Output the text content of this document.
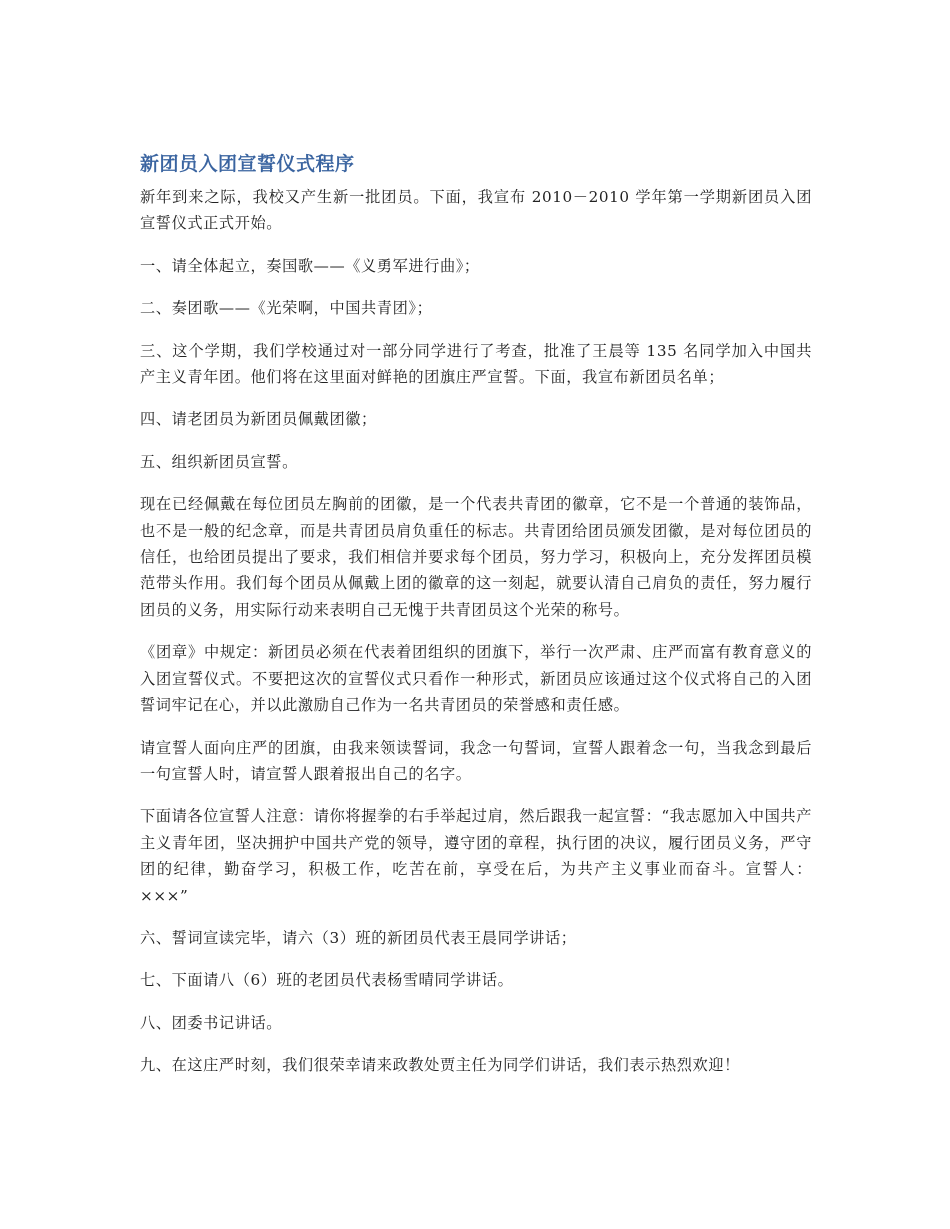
新团员入团宣誓仪式程序

新年到来之际，我校又产生新一批团员。下面，我宣布 2010－2010 学年第一学期新团员入团宣誓仪式正式开始。

一、请全体起立，奏国歌——《义勇军进行曲》；

二、奏团歌——《光荣啊，中国共青团》；

三、这个学期，我们学校通过对一部分同学进行了考查，批准了王晨等 135 名同学加入中国共产主义青年团。他们将在这里面对鲜艳的团旗庄严宣誓。下面，我宣布新团员名单；

四、请老团员为新团员佩戴团徽；

五、组织新团员宣誓。

现在已经佩戴在每位团员左胸前的团徽，是一个代表共青团的徽章，它不是一个普通的装饰品，也不是一般的纪念章，而是共青团员肩负重任的标志。共青团给团员颁发团徽，是对每位团员的信任，也给团员提出了要求，我们相信并要求每个团员，努力学习，积极向上，充分发挥团员模范带头作用。我们每个团员从佩戴上团的徽章的这一刻起，就要认清自己肩负的责任，努力履行团员的义务，用实际行动来表明自己无愧于共青团员这个光荣的称号。

《团章》中规定：新团员必须在代表着团组织的团旗下，举行一次严肃、庄严而富有教育意义的入团宣誓仪式。不要把这次的宣誓仪式只看作一种形式，新团员应该通过这个仪式将自己的入团誓词牢记在心，并以此激励自己作为一名共青团员的荣誉感和责任感。

请宣誓人面向庄严的团旗，由我来领读誓词，我念一句誓词，宣誓人跟着念一句，当我念到最后一句宣誓人时，请宣誓人跟着报出自己的名字。

下面请各位宣誓人注意：请你将握拳的右手举起过肩，然后跟我一起宣誓：“我志愿加入中国共产主义青年团，坚决拥护中国共产党的领导，遵守团的章程，执行团的决议，履行团员义务，严守团的纪律，勤奋学习，积极工作，吃苦在前，享受在后，为共产主义事业而奋斗。宣誓人：×××”

六、誓词宣读完毕，请六（3）班的新团员代表王晨同学讲话；

七、下面请八（6）班的老团员代表杨雪晴同学讲话。

八、团委书记讲话。

九、在这庄严时刻，我们很荣幸请来政教处贾主任为同学们讲话，我们表示热烈欢迎！
